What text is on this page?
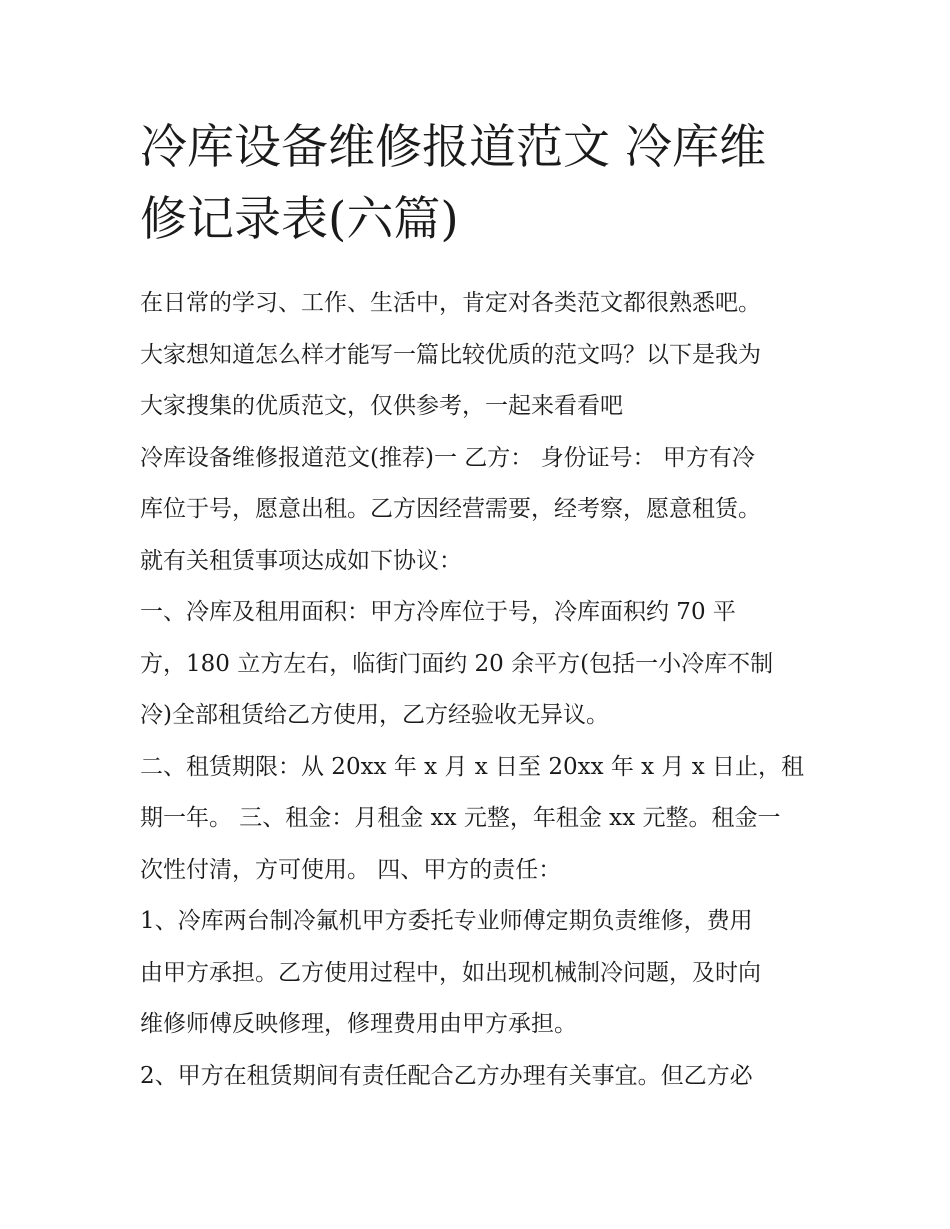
冷库设备维修报道范文 冷库维
修记录表(六篇)
在日常的学习、工作、生活中，肯定对各类范文都很熟悉吧。
大家想知道怎么样才能写一篇比较优质的范文吗？以下是我为
大家搜集的优质范文，仅供参考，一起来看看吧
冷库设备维修报道范文(推荐)一 乙方： 身份证号： 甲方有冷
库位于号，愿意出租。乙方因经营需要，经考察，愿意租赁。
就有关租赁事项达成如下协议：
一、冷库及租用面积：甲方冷库位于号，冷库面积约 70 平
方，180 立方左右，临街门面约 20 余平方(包括一小冷库不制
冷)全部租赁给乙方使用，乙方经验收无异议。
二、租赁期限：从 20xx 年 x 月 x 日至 20xx 年 x 月 x 日止，租
期一年。 三、租金：月租金 xx 元整，年租金 xx 元整。租金一
次性付清，方可使用。 四、甲方的责任：
1、冷库两台制冷氟机甲方委托专业师傅定期负责维修，费用
由甲方承担。乙方使用过程中，如出现机械制冷问题，及时向
维修师傅反映修理，修理费用由甲方承担。
2、甲方在租赁期间有责任配合乙方办理有关事宜。但乙方必
